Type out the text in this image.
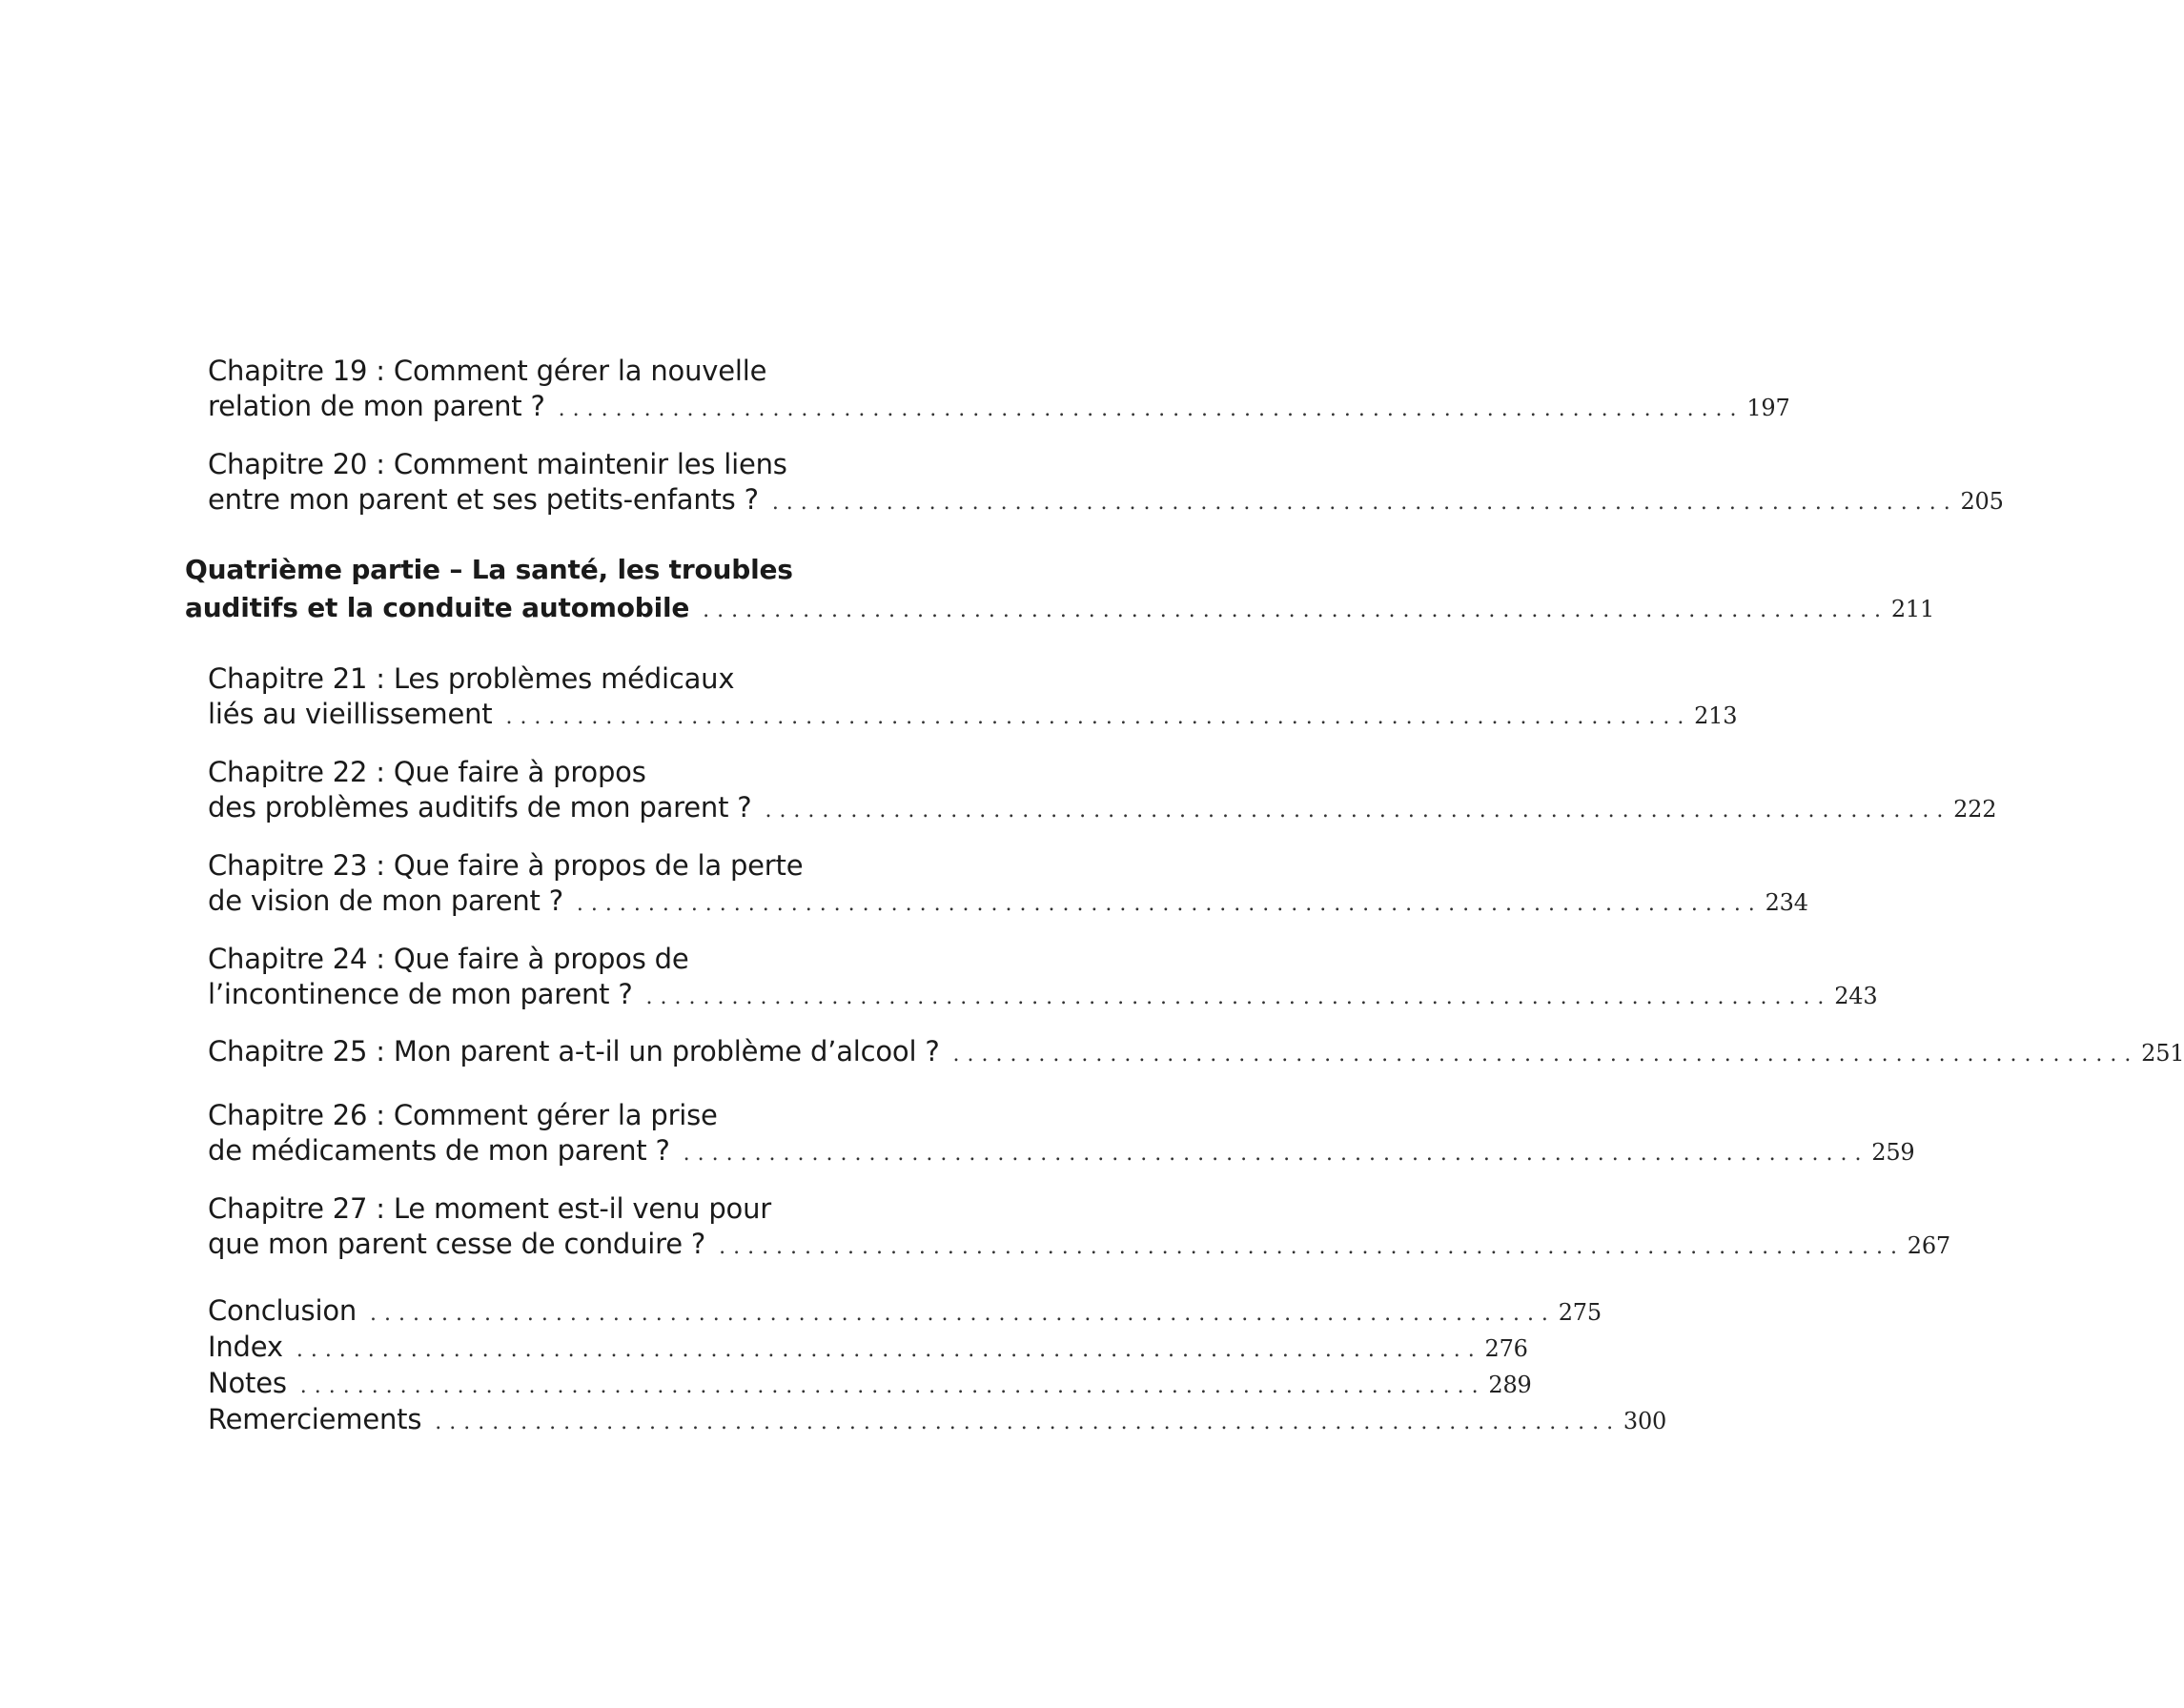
Chapitre 19 : Comment gérer la nouvelle
relation de mon parent ? . . .	197
Chapitre 20 : Comment maintenir les liens
entre mon parent et ses petits-enfants ? . . .	205
Quatrième partie – La santé, les troubles
auditifs et la conduite automobile . . .	211
Chapitre 21 : Les problèmes médicaux
liés au vieillissement . . .	213
Chapitre 22 : Que faire à propos
des problèmes auditifs de mon parent ? . . .	222
Chapitre 23 : Que faire à propos de la perte
de vision de mon parent ? . . .	234
Chapitre 24 : Que faire à propos de
l’incontinence de mon parent ? . . .	243
Chapitre 25 : Mon parent a-t-il un problème d’alcool ? . . .	251
Chapitre 26 : Comment gérer la prise
de médicaments de mon parent ? . . .	259
Chapitre 27 : Le moment est-il venu pour
que mon parent cesse de conduire ? . . .	267
Conclusion . . .	275
Index . . .	276
Notes . . .	289
Remerciements . . .	300
